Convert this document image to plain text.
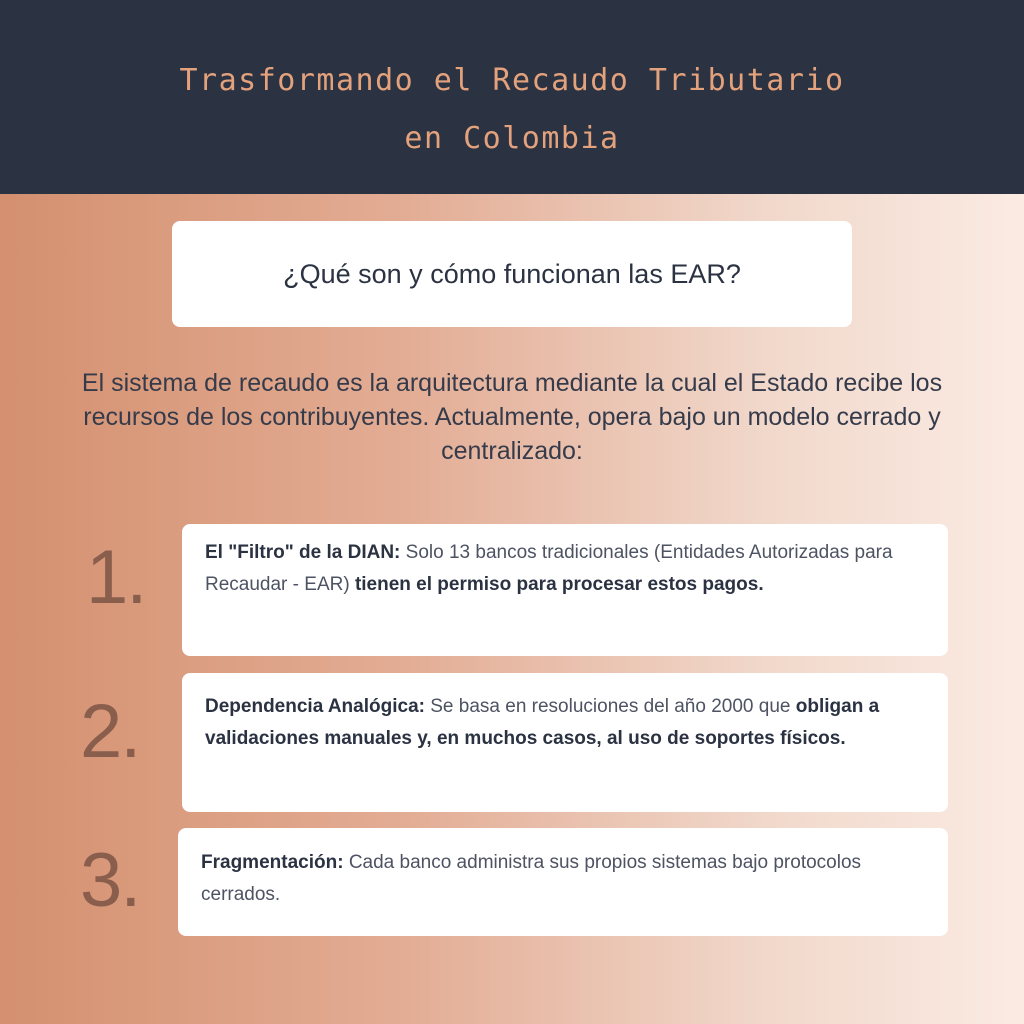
Trasformando el Recaudo Tributario
en Colombia
¿Qué son y cómo funcionan las EAR?

El sistema de recaudo es la arquitectura mediante la cual el Estado recibe los recursos de los contribuyentes. Actualmente, opera bajo un modelo cerrado y centralizado:

1.	El "Filtro" de la DIAN: Solo 13 bancos tradicionales (Entidades Autorizadas para Recaudar - EAR) tienen el permiso para procesar estos pagos.

2.	Dependencia Analógica: Se basa en resoluciones del año 2000 que obligan a validaciones manuales y, en muchos casos, al uso de soportes físicos.

3.	Fragmentación: Cada banco administra sus propios sistemas bajo protocolos cerrados.
